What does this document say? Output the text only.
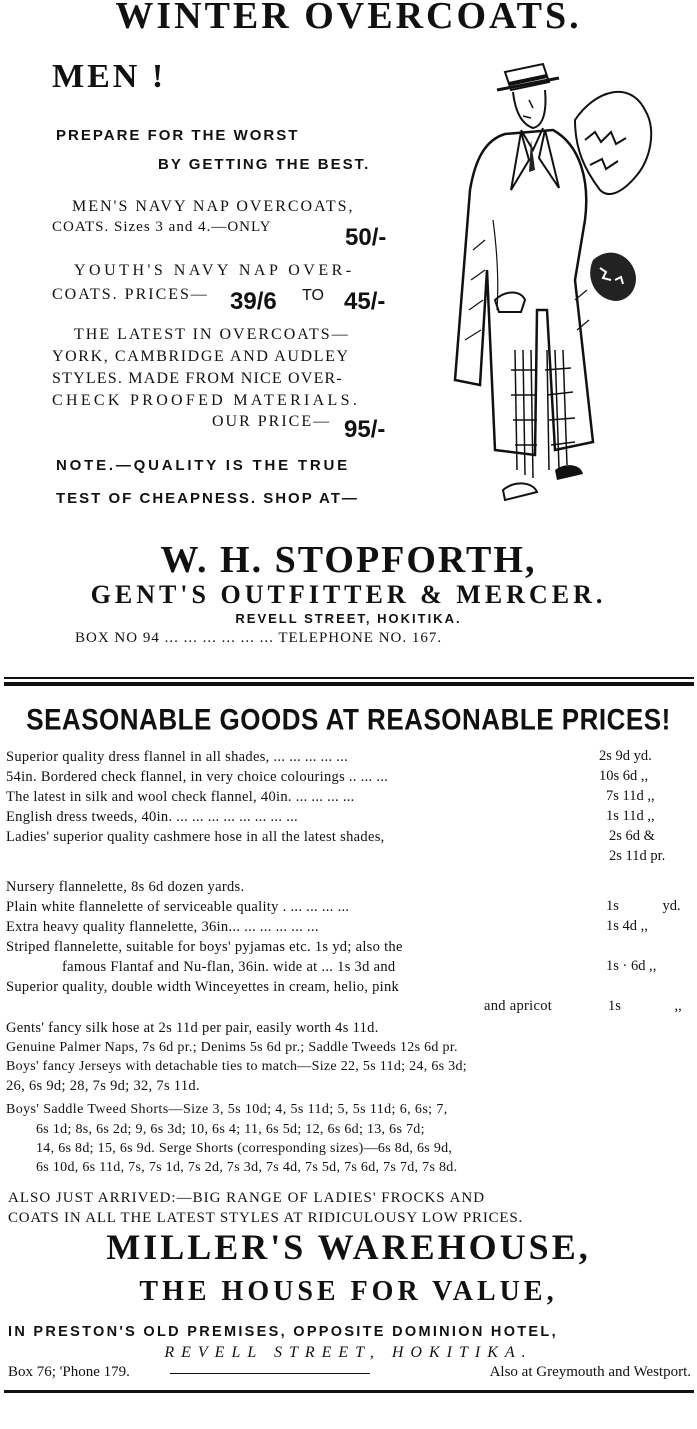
WINTER OVERCOATS.
MEN !
PREPARE FOR THE WORST
BY GETTING THE BEST.
MEN'S NAVY NAP OVERCOATS,
COATS. Sizes 3 and 4.—ONLY	50/-
YOUTH'S NAVY NAP OVER-
COATS. PRICES— 39/6 TO 45/-
THE LATEST IN OVERCOATS—
YORK, CAMBRIDGE AND AUDLEY
STYLES. MADE FROM NICE OVER-
CHECK PROOFED MATERIALS.
OUR PRICE— 95/-
NOTE.—QUALITY IS THE TRUE
TEST OF CHEAPNESS. SHOP AT—
W. H. STOPFORTH,
GENT'S OUTFITTER & MERCER.
REVELL STREET, HOKITIKA.
BOX NO 94 ... ... ... ... ... ... TELEPHONE NO. 167.
SEASONABLE GOODS AT REASONABLE PRICES!
Superior quality dress flannel in all shades, ... ... ... ... ...	2s 9d yd.
54in. Bordered check flannel, in very choice colourings .. ... ...	10s 6d ,,
The latest in silk and wool check flannel, 40in. ... ... ... ...	7s 11d ,,
English dress tweeds, 40in. ... ... ... ... ... ... ... ...	1s 11d ,,
Ladies' superior quality cashmere hose in all the latest shades,	2s 6d &
2s 11d pr.
Nursery flannelette, 8s 6d dozen yards.
Plain white flannelette of serviceable quality . ... ... ... ...	1s yd.
Extra heavy quality flannelette, 36in... ... ... ... ... ...	1s 4d ,,
Striped flannelette, suitable for boys' pyjamas etc. 1s yd; also the
famous Flantaf and Nu-flan, 36in. wide at ... 1s 3d and	1s · 6d ,,
Superior quality, double width Winceyettes in cream, helio, pink
and apricot	1s ,,
Gents' fancy silk hose at 2s 11d per pair, easily worth 4s 11d.
Genuine Palmer Naps, 7s 6d pr.; Denims 5s 6d pr.; Saddle Tweeds 12s 6d pr.
Boys' fancy Jerseys with detachable ties to match—Size 22, 5s 11d; 24, 6s 3d;
26, 6s 9d; 28, 7s 9d; 32, 7s 11d.
Boys' Saddle Tweed Shorts—Size 3, 5s 10d; 4, 5s 11d; 5, 5s 11d; 6, 6s; 7,
6s 1d; 8s, 6s 2d; 9, 6s 3d; 10, 6s 4; 11, 6s 5d; 12, 6s 6d; 13, 6s 7d;
14, 6s 8d; 15, 6s 9d. Serge Shorts (corresponding sizes)—6s 8d, 6s 9d,
6s 10d, 6s 11d, 7s, 7s 1d, 7s 2d, 7s 3d, 7s 4d, 7s 5d, 7s 6d, 7s 7d, 7s 8d.
ALSO JUST ARRIVED:—BIG RANGE OF LADIES' FROCKS AND
COATS IN ALL THE LATEST STYLES AT RIDICULOUSY LOW PRICES.
MILLER'S WAREHOUSE,
THE HOUSE FOR VALUE,
IN PRESTON'S OLD PREMISES, OPPOSITE DOMINION HOTEL,
REVELL STREET, HOKITIKA.
Box 76; 'Phone 179.	Also at Greymouth and Westport.
